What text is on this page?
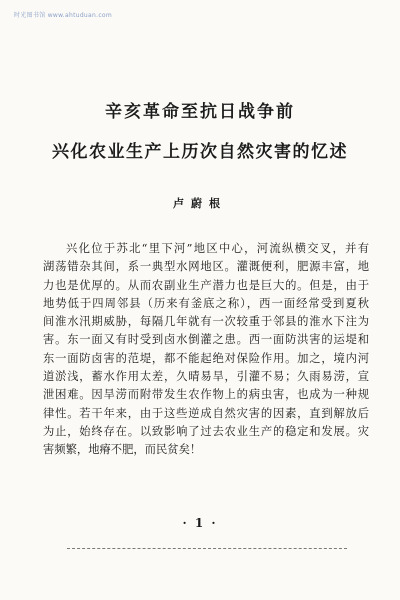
时光图书馆 www.ahtuduan.com
辛亥革命至抗日战争前
兴化农业生产上历次自然灾害的忆述
卢蔚根
兴化位于苏北“里下河”地区中心，河流纵横交叉，并有
湖荡错杂其间，系一典型水网地区。灌溉便利，肥源丰富，地
力也是优厚的。从而农副业生产潜力也是巨大的。但是，由于
地势低于四周邻县（历来有釜底之称），西一面经常受到夏秋
间淮水汛期威胁，每隔几年就有一次较重于邻县的淮水下注为
害。东一面又有时受到卤水倒灌之患。西一面防洪害的运堤和
东一面防卤害的范堤，都不能起绝对保险作用。加之，境内河
道淤浅，蓄水作用太差，久晴易旱，引灌不易；久雨易涝，宣
泄困难。因旱涝而附带发生农作物上的病虫害，也成为一种规
律性。若干年来，由于这些逆成自然灾害的因素，直到解放后
为止，始终存在。以致影响了过去农业生产的稳定和发展。灾
害频繁，地瘠不肥，而民贫矣！
· 1 ·
